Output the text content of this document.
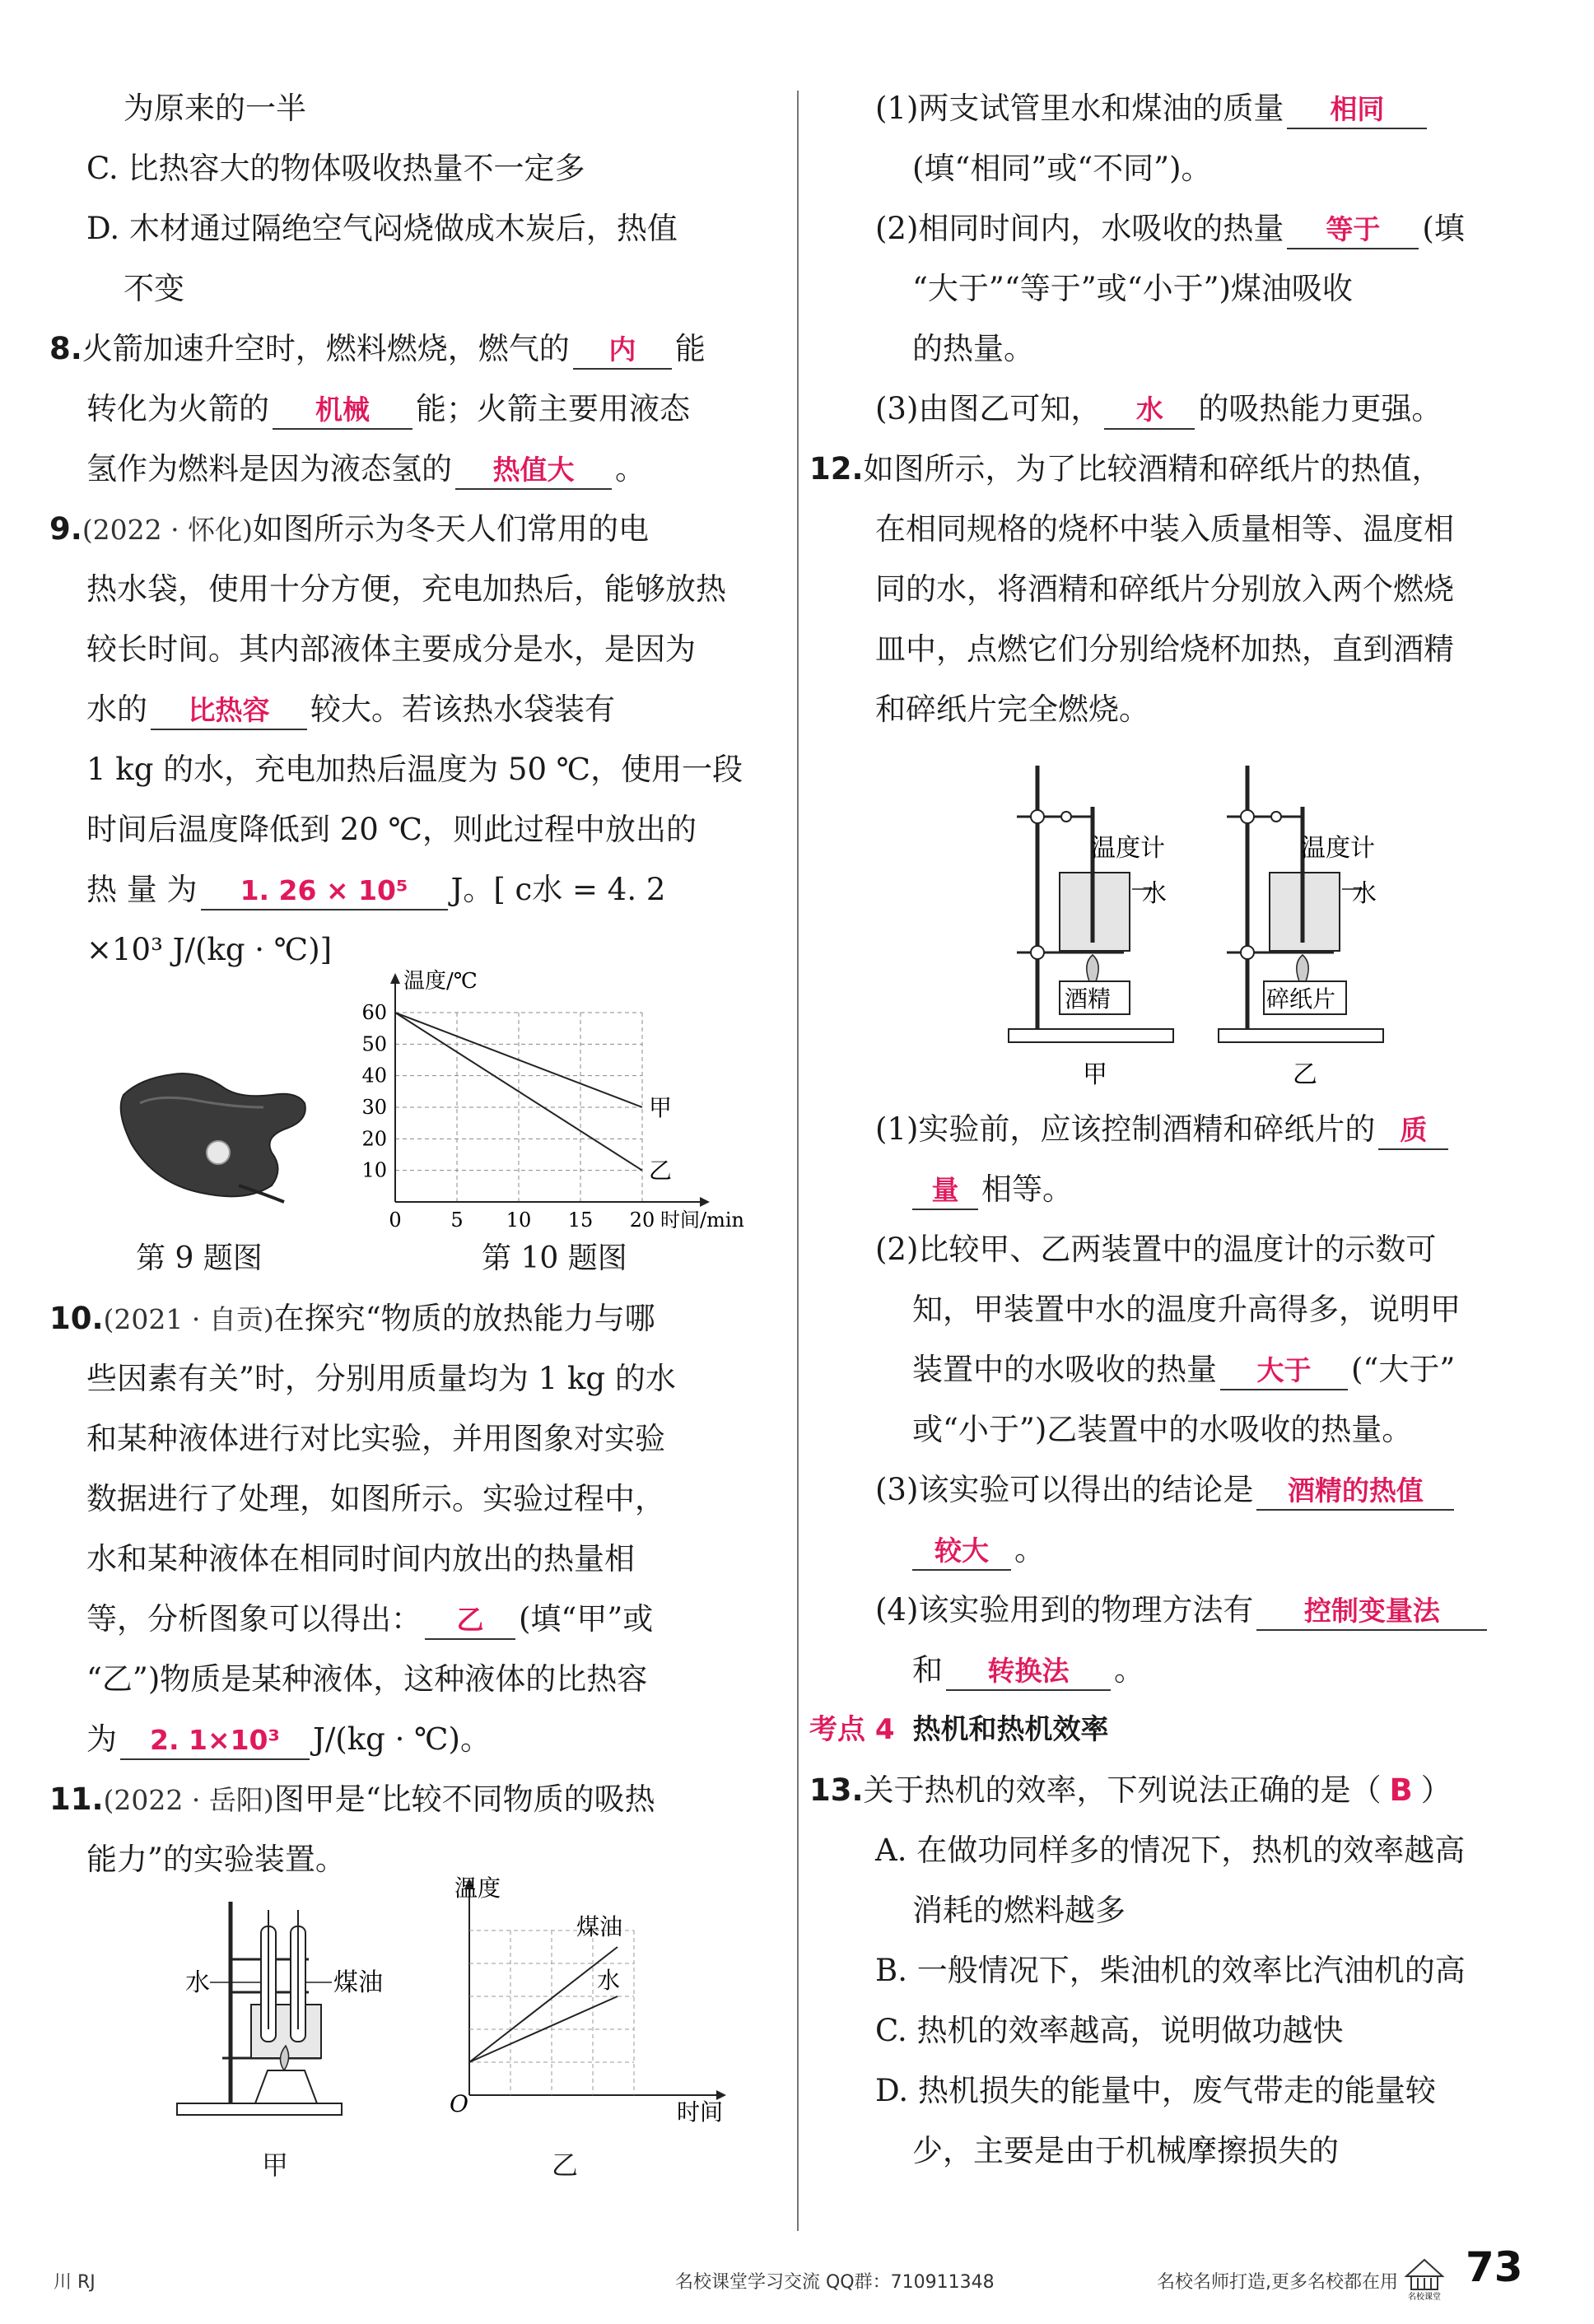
为原来的一半
C. 比热容大的物体吸收热量不一定多
D. 木材通过隔绝空气闷烧做成木炭后，热值
不变
8.火箭加速升空时，燃料燃烧，燃气的 内 能
转化为火箭的 机械 能；火箭主要用液态
氢作为燃料是因为液态氢的 热值大 。
9.(2022 · 怀化)如图所示为冬天人们常用的电
热水袋，使用十分方便，充电加热后，能够放热
较长时间。其内部液体主要成分是水，是因为
水的 比热容 较大。若该热水袋装有
1 kg 的水，充电加热后温度为 50 ℃，使用一段
时间后温度降低到 20 ℃，则此过程中放出的
热 量 为 1. 26 × 10⁵ J。[ c水 = 4. 2
×10³ J/(kg · ℃)]
第 9 题图
0 5 10 15 20
10
20
30
40
50
60
温度/℃
时间/min
甲
乙
第 10 题图
10.(2021 · 自贡)在探究“物质的放热能力与哪
些因素有关”时，分别用质量均为 1 kg 的水
和某种液体进行对比实验，并用图象对实验
数据进行了处理，如图所示。实验过程中，
水和某种液体在相同时间内放出的热量相
等，分析图象可以得出： 乙 (填“甲”或
“乙”)物质是某种液体，这种液体的比热容
为 2. 1×10³ J/(kg · ℃)。
11.(2022 · 岳阳)图甲是“比较不同物质的吸热
能力”的实验装置。
水	煤油
甲
温度
时间
O
煤油
水
乙
(1)两支试管里水和煤油的质量 相同
(填“相同”或“不同”)。
(2)相同时间内，水吸收的热量 等于 (填
“大于”“等于”或“小于”)煤油吸收
的热量。
(3)由图乙可知， 水 的吸热能力更强。
12.如图所示，为了比较酒精和碎纸片的热值，
在相同规格的烧杯中装入质量相等、温度相
同的水，将酒精和碎纸片分别放入两个燃烧
皿中，点燃它们分别给烧杯加热，直到酒精
和碎纸片完全燃烧。
温度计
水
酒精
甲
温度计
水
碎纸片
乙
(1)实验前，应该控制酒精和碎纸片的 质
量 相等。
(2)比较甲、乙两装置中的温度计的示数可
知，甲装置中水的温度升高得多，说明甲
装置中的水吸收的热量 大于 (“大于”
或“小于”)乙装置中的水吸收的热量。
(3)该实验可以得出的结论是 酒精的热值
较大 。
(4)该实验用到的物理方法有 控制变量法
和 转换法 。
考点 4 热机和热机效率
13.关于热机的效率，下列说法正确的是（ B ）
A. 在做功同样多的情况下，热机的效率越高
消耗的燃料越多
B. 一般情况下，柴油机的效率比汽油机的高
C. 热机的效率越高，说明做功越快
D. 热机损失的能量中，废气带走的能量较
少，主要是由于机械摩擦损失的
川 RJ	名校课堂学习交流 QQ群：710911348	名校名师打造,更多名校都在用
名校课堂
73
